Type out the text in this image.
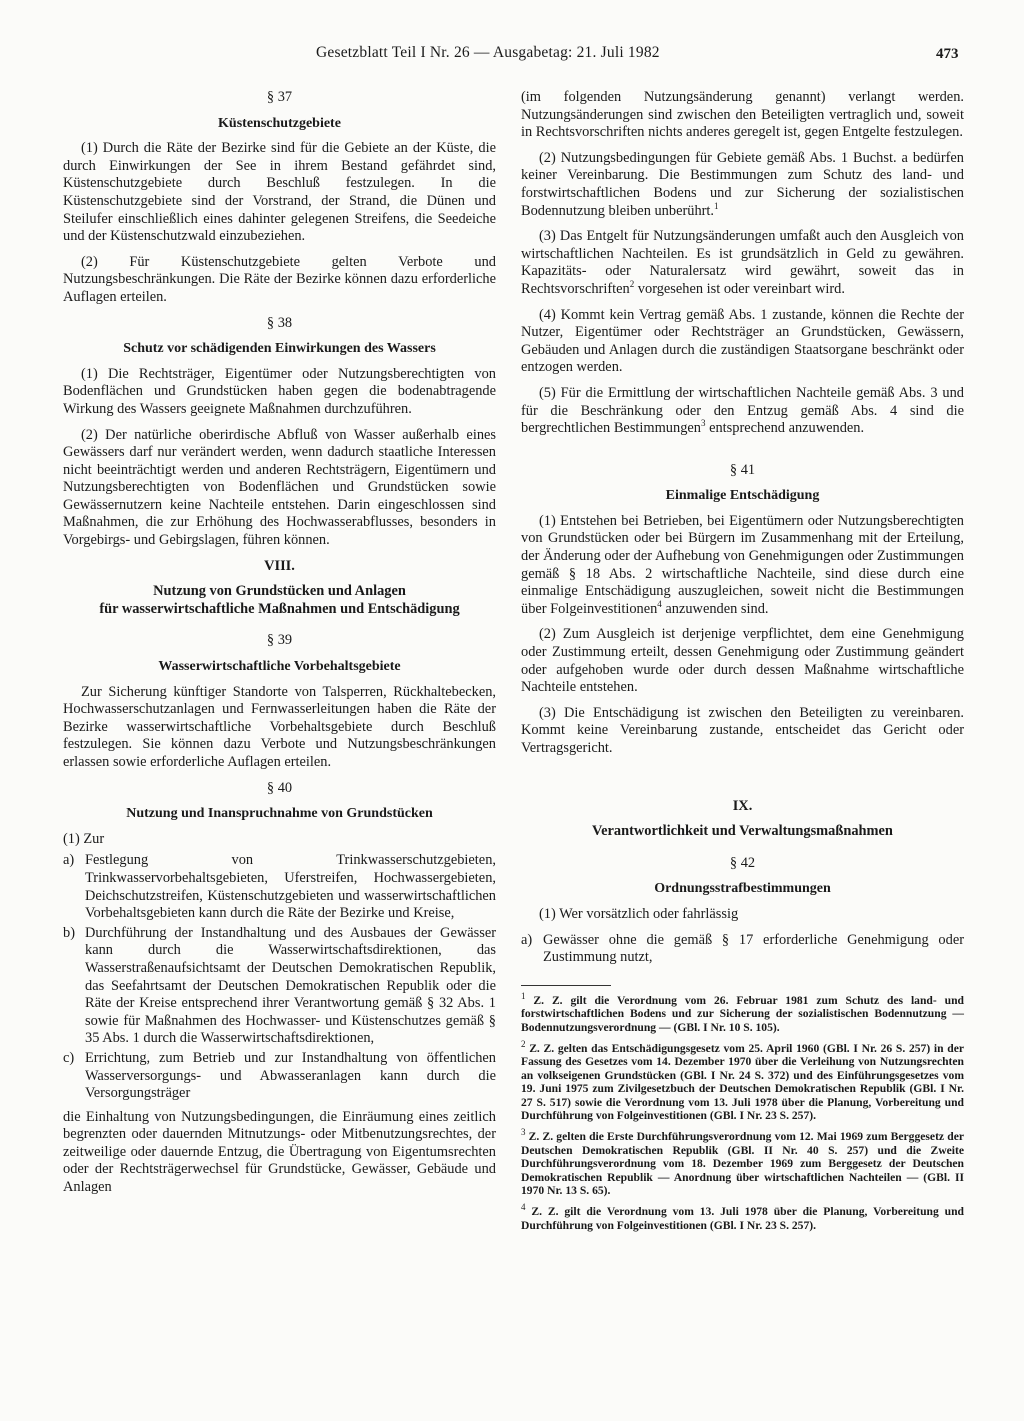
Gesetzblatt Teil I Nr. 26 — Ausgabetag: 21. Juli 1982	473

§ 37

Küstenschutzgebiete

(1) Durch die Räte der Bezirke sind für die Gebiete an der Küste, die durch Einwirkungen der See in ihrem Bestand gefährdet sind, Küstenschutzgebiete durch Beschluß festzulegen. In die Küstenschutzgebiete sind der Vorstrand, der Strand, die Dünen und Steilufer einschließlich eines dahinter gelegenen Streifens, die Seedeiche und der Küstenschutzwald einzubeziehen.

(2) Für Küstenschutzgebiete gelten Verbote und Nutzungsbeschränkungen. Die Räte der Bezirke können dazu erforderliche Auflagen erteilen.

§ 38

Schutz vor schädigenden Einwirkungen des Wassers

(1) Die Rechtsträger, Eigentümer oder Nutzungsberechtigten von Bodenflächen und Grundstücken haben gegen die bodenabtragende Wirkung des Wassers geeignete Maßnahmen durchzuführen.

(2) Der natürliche oberirdische Abfluß von Wasser außerhalb eines Gewässers darf nur verändert werden, wenn dadurch staatliche Interessen nicht beeinträchtigt werden und anderen Rechtsträgern, Eigentümern und Nutzungsberechtigten von Bodenflächen und Grundstücken sowie Gewässernutzern keine Nachteile entstehen. Darin eingeschlossen sind Maßnahmen, die zur Erhöhung des Hochwasserabflusses, besonders in Vorgebirgs- und Gebirgslagen, führen können.

VIII.

Nutzung von Grundstücken und Anlagen

für wasserwirtschaftliche Maßnahmen und Entschädigung

§ 39

Wasserwirtschaftliche Vorbehaltsgebiete

Zur Sicherung künftiger Standorte von Talsperren, Rückhaltebecken, Hochwasserschutzanlagen und Fernwasserleitungen haben die Räte der Bezirke wasserwirtschaftliche Vorbehaltsgebiete durch Beschluß festzulegen. Sie können dazu Verbote und Nutzungsbeschränkungen erlassen sowie erforderliche Auflagen erteilen.

§ 40

Nutzung und Inanspruchnahme von Grundstücken

(1) Zur

a) Festlegung von Trinkwasserschutzgebieten, Trinkwasservorbehaltsgebieten, Uferstreifen, Hochwassergebieten, Deichschutzstreifen, Küstenschutzgebieten und wasserwirtschaftlichen Vorbehaltsgebieten kann durch die Räte der Bezirke und Kreise,
b) Durchführung der Instandhaltung und des Ausbaues der Gewässer kann durch die Wasserwirtschaftsdirektionen, das Wasserstraßenaufsichtsamt der Deutschen Demokratischen Republik, das Seefahrtsamt der Deutschen Demokratischen Republik oder die Räte der Kreise entsprechend ihrer Verantwortung gemäß § 32 Abs. 1 sowie für Maßnahmen des Hochwasser- und Küstenschutzes gemäß § 35 Abs. 1 durch die Wasserwirtschaftsdirektionen,
c) Errichtung, zum Betrieb und zur Instandhaltung von öffentlichen Wasserversorgungs- und Abwasseranlagen kann durch die Versorgungsträger

die Einhaltung von Nutzungsbedingungen, die Einräumung eines zeitlich begrenzten oder dauernden Mitnutzungs- oder Mitbenutzungsrechtes, der zeitweilige oder dauernde Entzug, die Übertragung von Eigentumsrechten oder der Rechtsträgerwechsel für Grundstücke, Gewässer, Gebäude und Anlagen

(im folgenden Nutzungsänderung genannt) verlangt werden. Nutzungsänderungen sind zwischen den Beteiligten vertraglich und, soweit in Rechtsvorschriften nichts anderes geregelt ist, gegen Entgelte festzulegen.

(2) Nutzungsbedingungen für Gebiete gemäß Abs. 1 Buchst. a bedürfen keiner Vereinbarung. Die Bestimmungen zum Schutz des land- und forstwirtschaftlichen Bodens und zur Sicherung der sozialistischen Bodennutzung bleiben unberührt.$^1$

(3) Das Entgelt für Nutzungsänderungen umfaßt auch den Ausgleich von wirtschaftlichen Nachteilen. Es ist grundsätzlich in Geld zu gewähren. Kapazitäts- oder Naturalersatz wird gewährt, soweit das in Rechtsvorschriften$^2$ vorgesehen ist oder vereinbart wird.

(4) Kommt kein Vertrag gemäß Abs. 1 zustande, können die Rechte der Nutzer, Eigentümer oder Rechtsträger an Grundstücken, Gewässern, Gebäuden und Anlagen durch die zuständigen Staatsorgane beschränkt oder entzogen werden.

(5) Für die Ermittlung der wirtschaftlichen Nachteile gemäß Abs. 3 und für die Beschränkung oder den Entzug gemäß Abs. 4 sind die bergrechtlichen Bestimmungen$^3$ entsprechend anzuwenden.

§ 41

Einmalige Entschädigung

(1) Entstehen bei Betrieben, bei Eigentümern oder Nutzungsberechtigten von Grundstücken oder bei Bürgern im Zusammenhang mit der Erteilung, der Änderung oder der Aufhebung von Genehmigungen oder Zustimmungen gemäß § 18 Abs. 2 wirtschaftliche Nachteile, sind diese durch eine einmalige Entschädigung auszugleichen, soweit nicht die Bestimmungen über Folgeinvestitionen$^4$ anzuwenden sind.

(2) Zum Ausgleich ist derjenige verpflichtet, dem eine Genehmigung oder Zustimmung erteilt, dessen Genehmigung oder Zustimmung geändert oder aufgehoben wurde oder durch dessen Maßnahme wirtschaftliche Nachteile entstehen.

(3) Die Entschädigung ist zwischen den Beteiligten zu vereinbaren. Kommt keine Vereinbarung zustande, entscheidet das Gericht oder Vertragsgericht.

IX.

Verantwortlichkeit und Verwaltungsmaßnahmen

§ 42

Ordnungsstrafbestimmungen

(1) Wer vorsätzlich oder fahrlässig

a) Gewässer ohne die gemäß § 17 erforderliche Genehmigung oder Zustimmung nutzt,

$^1$ Z. Z. gilt die Verordnung vom 26. Februar 1981 zum Schutz des land- und forstwirtschaftlichen Bodens und zur Sicherung der sozialistischen Bodennutzung — Bodennutzungsverordnung — (GBl. I Nr. 10 S. 105).

$^2$ Z. Z. gelten das Entschädigungsgesetz vom 25. April 1960 (GBl. I Nr. 26 S. 257) in der Fassung des Gesetzes vom 14. Dezember 1970 über die Verleihung von Nutzungsrechten an volkseigenen Grundstücken (GBl. I Nr. 24 S. 372) und des Einführungsgesetzes vom 19. Juni 1975 zum Zivilgesetzbuch der Deutschen Demokratischen Republik (GBl. I Nr. 27 S. 517) sowie die Verordnung vom 13. Juli 1978 über die Planung, Vorbereitung und Durchführung von Folgeinvestitionen (GBl. I Nr. 23 S. 257).

$^3$ Z. Z. gelten die Erste Durchführungsverordnung vom 12. Mai 1969 zum Berggesetz der Deutschen Demokratischen Republik (GBl. II Nr. 40 S. 257) und die Zweite Durchführungsverordnung vom 18. Dezember 1969 zum Berggesetz der Deutschen Demokratischen Republik — Anordnung über wirtschaftlichen Nachteilen — (GBl. II 1970 Nr. 13 S. 65).

$^4$ Z. Z. gilt die Verordnung vom 13. Juli 1978 über die Planung, Vorbereitung und Durchführung von Folgeinvestitionen (GBl. I Nr. 23 S. 257).
